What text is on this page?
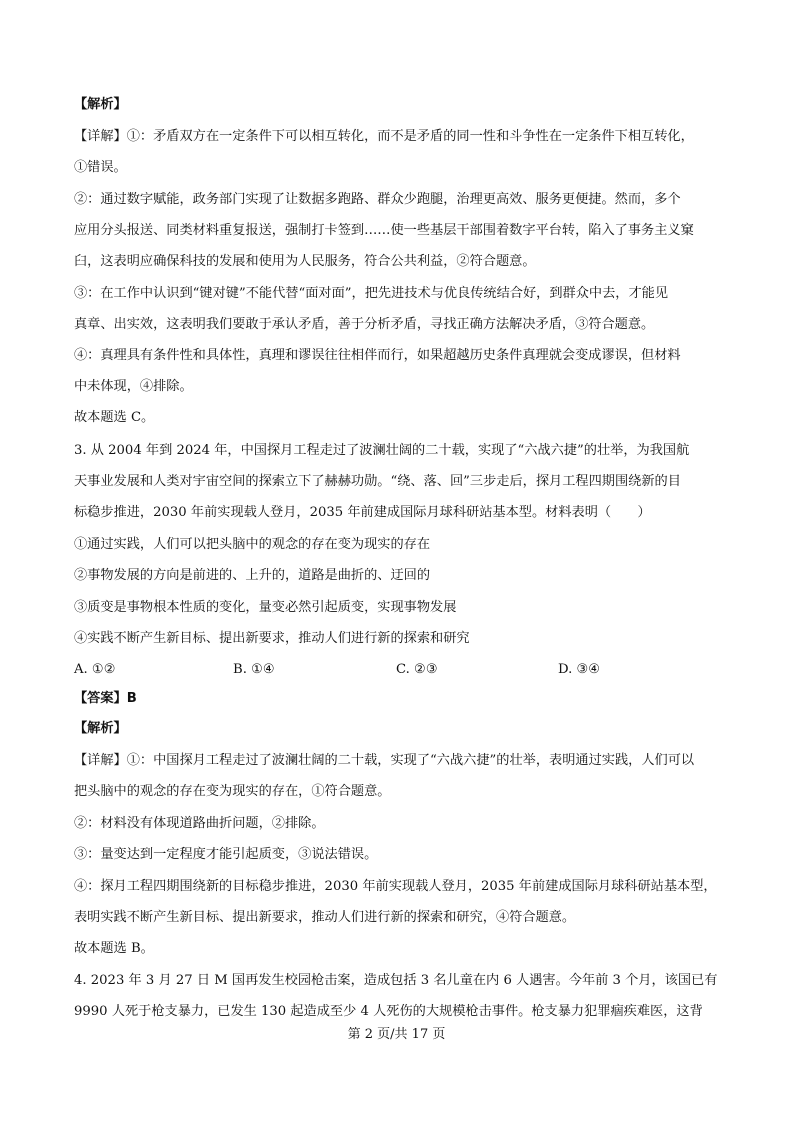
【解析】
【详解】①：矛盾双方在一定条件下可以相互转化，而不是矛盾的同一性和斗争性在一定条件下相互转化，
①错误。
②：通过数字赋能，政务部门实现了让数据多跑路、群众少跑腿，治理更高效、服务更便捷。然而，多个
应用分头报送、同类材料重复报送，强制打卡签到……使一些基层干部围着数字平台转，陷入了事务主义窠
臼，这表明应确保科技的发展和使用为人民服务，符合公共利益，②符合题意。
③：在工作中认识到“键对键”不能代替“面对面”，把先进技术与优良传统结合好，到群众中去，才能见
真章、出实效，这表明我们要敢于承认矛盾，善于分析矛盾，寻找正确方法解决矛盾，③符合题意。
④：真理具有条件性和具体性，真理和谬误往往相伴而行，如果超越历史条件真理就会变成谬误，但材料
中未体现，④排除。
故本题选 C。
3. 从 2004 年到 2024 年，中国探月工程走过了波澜壮阔的二十载，实现了“六战六捷”的壮举，为我国航
天事业发展和人类对宇宙空间的探索立下了赫赫功勋。“绕、落、回”三步走后，探月工程四期围绕新的目
标稳步推进，2030 年前实现载人登月，2035 年前建成国际月球科研站基本型。材料表明（　　）
①通过实践，人们可以把头脑中的观念的存在变为现实的存在
②事物发展的方向是前进的、上升的，道路是曲折的、迂回的
③质变是事物根本性质的变化，量变必然引起质变，实现事物发展
④实践不断产生新目标、提出新要求，推动人们进行新的探索和研究
A. ①②	B. ①④	C. ②③	D. ③④
【答案】B
【解析】
【详解】①：中国探月工程走过了波澜壮阔的二十载，实现了“六战六捷”的壮举，表明通过实践，人们可以
把头脑中的观念的存在变为现实的存在，①符合题意。
②：材料没有体现道路曲折问题，②排除。
③：量变达到一定程度才能引起质变，③说法错误。
④：探月工程四期围绕新的目标稳步推进，2030 年前实现载人登月，2035 年前建成国际月球科研站基本型，
表明实践不断产生新目标、提出新要求，推动人们进行新的探索和研究，④符合题意。
故本题选 B。
4. 2023 年 3 月 27 日 M 国再发生校园枪击案，造成包括 3 名儿童在内 6 人遇害。今年前 3 个月，该国已有
9990 人死于枪支暴力，已发生 130 起造成至少 4 人死伤的大规模枪击事件。枪支暴力犯罪痼疾难医，这背
第 2 页/共 17 页
